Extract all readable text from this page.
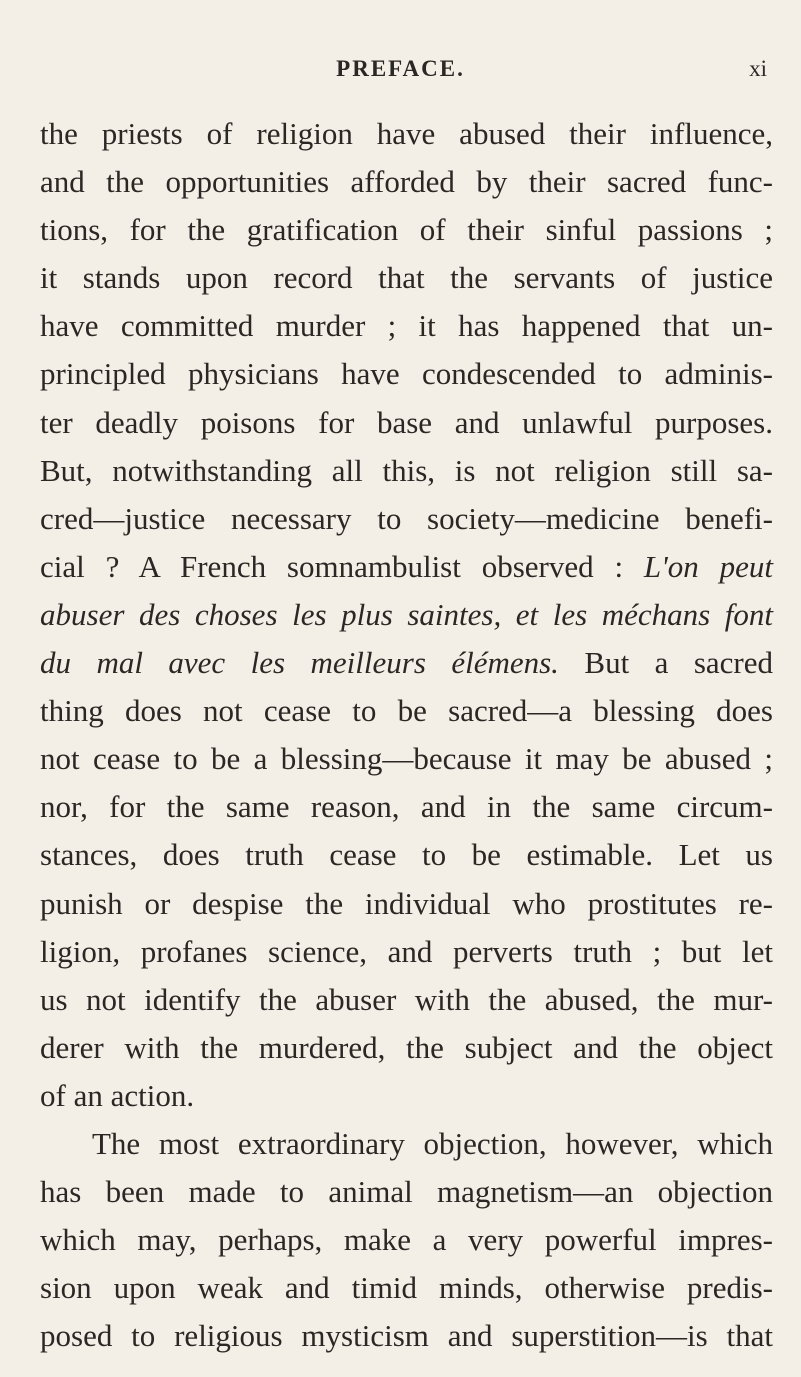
PREFACE.	xi
the priests of religion have abused their influence,
and the opportunities afforded by their sacred func-
tions, for the gratification of their sinful passions ;
it stands upon record that the servants of justice
have committed murder ; it has happened that un-
principled physicians have condescended to adminis-
ter deadly poisons for base and unlawful purposes.
But, notwithstanding all this, is not religion still sa-
cred—justice necessary to society—medicine benefi-
cial ? A French somnambulist observed : L'on peut
abuser des choses les plus saintes, et les méchans font
du mal avec les meilleurs élémens. But a sacred
thing does not cease to be sacred—a blessing does
not cease to be a blessing—because it may be abused ;
nor, for the same reason, and in the same circum-
stances, does truth cease to be estimable. Let us
punish or despise the individual who prostitutes re-
ligion, profanes science, and perverts truth ; but let
us not identify the abuser with the abused, the mur-
derer with the murdered, the subject and the object
of an action.
The most extraordinary objection, however, which
has been made to animal magnetism—an objection
which may, perhaps, make a very powerful impres-
sion upon weak and timid minds, otherwise predis-
posed to religious mysticism and superstition—is that
